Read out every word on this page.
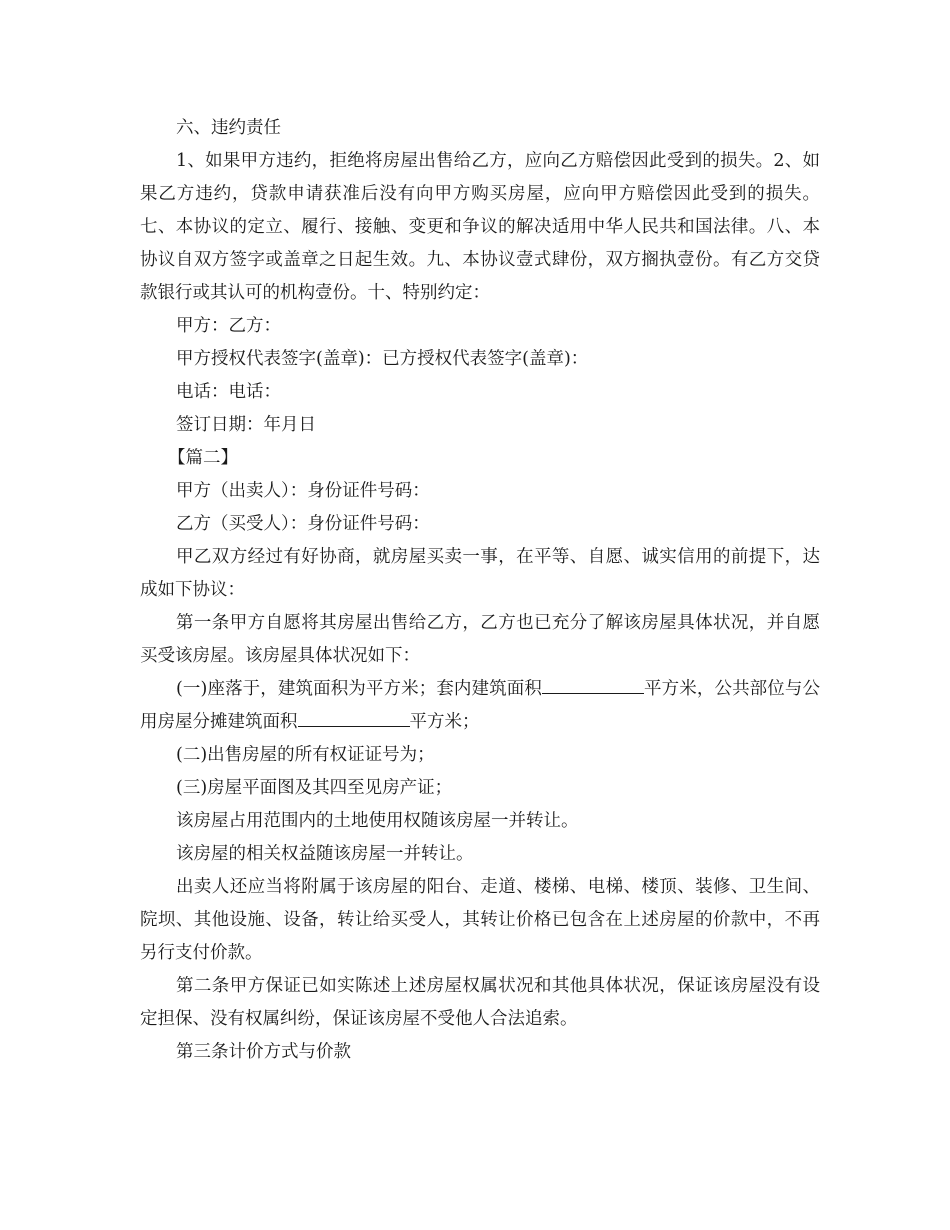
六、违约责任

1、如果甲方违约，拒绝将房屋出售给乙方，应向乙方赔偿因此受到的损失。2、如果乙方违约，贷款申请获准后没有向甲方购买房屋，应向甲方赔偿因此受到的损失。七、本协议的定立、履行、接触、变更和争议的解决适用中华人民共和国法律。八、本协议自双方签字或盖章之日起生效。九、本协议壹式肆份，双方搁执壹份。有乙方交贷款银行或其认可的机构壹份。十、特别约定：

甲方：乙方：

甲方授权代表签字(盖章)：已方授权代表签字(盖章)：

电话：电话：

签订日期：年月日

【篇二】

甲方（出卖人）：身份证件号码：

乙方（买受人）：身份证件号码：

甲乙双方经过有好协商，就房屋买卖一事，在平等、自愿、诚实信用的前提下，达成如下协议：

第一条甲方自愿将其房屋出售给乙方，乙方也已充分了解该房屋具体状况，并自愿买受该房屋。该房屋具体状况如下：

(一)座落于，建筑面积为平方米；套内建筑面积	平方米，公共部位与公用房屋分摊建筑面积	平方米；

(二)出售房屋的所有权证证号为；

(三)房屋平面图及其四至见房产证；

该房屋占用范围内的土地使用权随该房屋一并转让。

该房屋的相关权益随该房屋一并转让。

出卖人还应当将附属于该房屋的阳台、走道、楼梯、电梯、楼顶、装修、卫生间、院坝、其他设施、设备，转让给买受人，其转让价格已包含在上述房屋的价款中，不再另行支付价款。

第二条甲方保证已如实陈述上述房屋权属状况和其他具体状况，保证该房屋没有设定担保、没有权属纠纷，保证该房屋不受他人合法追索。

第三条计价方式与价款
